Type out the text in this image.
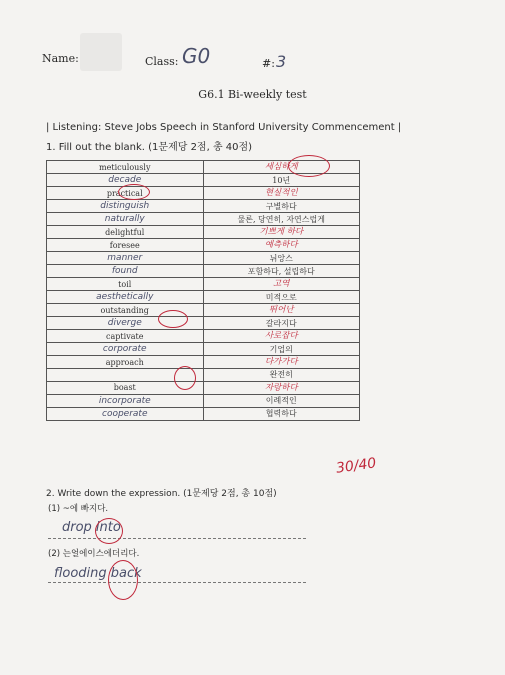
Name:	Class: G0	#: 3
G6.1 Bi-weekly test
| Listening: Steve Jobs Speech in Stanford University Commencement |
1. Fill out the blank. (1문제당 2점, 총 40점)
meticulously	세심하게
decade	10년
practical	현실적인
distinguish	구별하다
naturally	물론, 당연히, 자연스럽게
delightful	기쁘게 하다
foresee	예측하다
manner	뉘앙스
found	포함하다, 설립하다
toil	고역
aesthetically	미적으로
outstanding	뛰어난
diverge	갈라지다
captivate	사로잡다
corporate	기업의
approach	다가가다
	완전히
boast	자랑하다
incorporate	이례적인
cooperate	협력하다
30/40
2. Write down the expression. (1문제당 2점, 총 10점)
(1) ~에 빠지다.
drop into
(2) 는얼에이스에더리다.
flooding back
